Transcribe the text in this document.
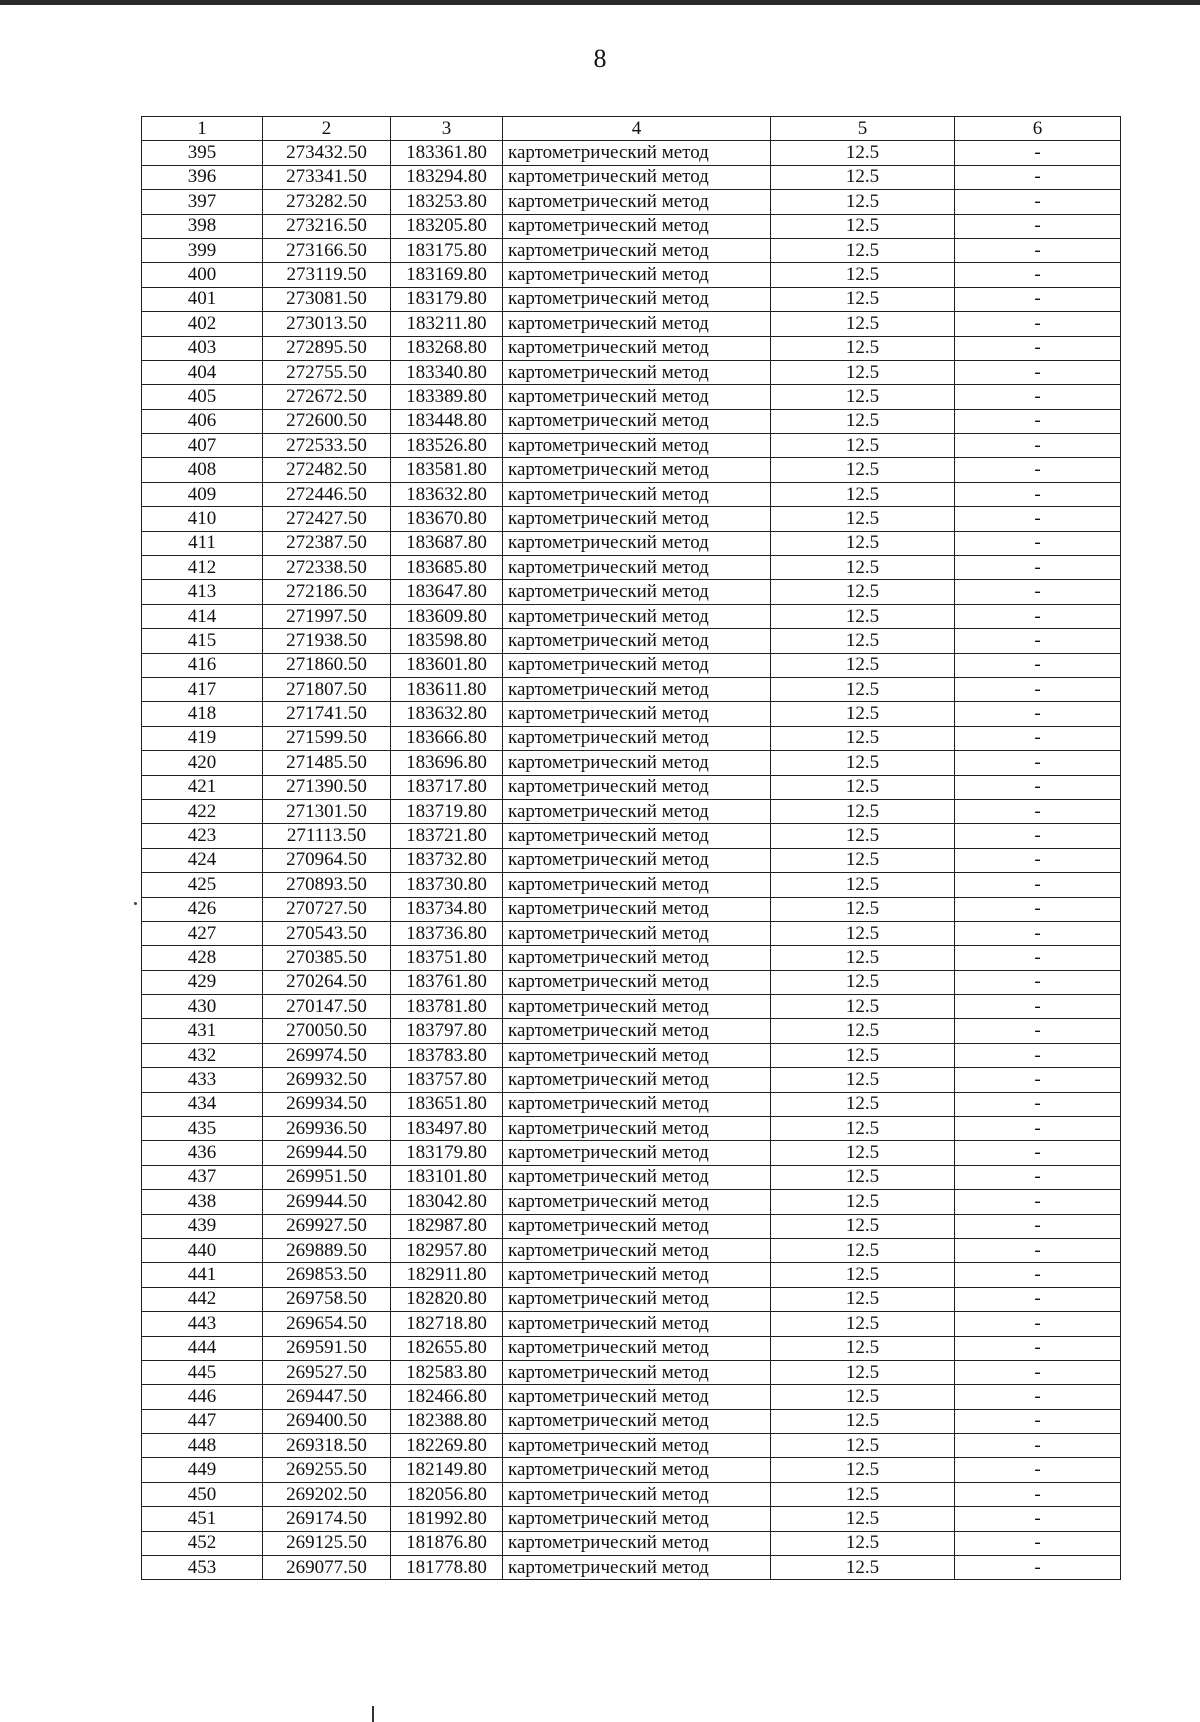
8
1	2	3	4	5	6
395	273432.50	183361.80	картометрический метод	12.5	-
396	273341.50	183294.80	картометрический метод	12.5	-
397	273282.50	183253.80	картометрический метод	12.5	-
398	273216.50	183205.80	картометрический метод	12.5	-
399	273166.50	183175.80	картометрический метод	12.5	-
400	273119.50	183169.80	картометрический метод	12.5	-
401	273081.50	183179.80	картометрический метод	12.5	-
402	273013.50	183211.80	картометрический метод	12.5	-
403	272895.50	183268.80	картометрический метод	12.5	-
404	272755.50	183340.80	картометрический метод	12.5	-
405	272672.50	183389.80	картометрический метод	12.5	-
406	272600.50	183448.80	картометрический метод	12.5	-
407	272533.50	183526.80	картометрический метод	12.5	-
408	272482.50	183581.80	картометрический метод	12.5	-
409	272446.50	183632.80	картометрический метод	12.5	-
410	272427.50	183670.80	картометрический метод	12.5	-
411	272387.50	183687.80	картометрический метод	12.5	-
412	272338.50	183685.80	картометрический метод	12.5	-
413	272186.50	183647.80	картометрический метод	12.5	-
414	271997.50	183609.80	картометрический метод	12.5	-
415	271938.50	183598.80	картометрический метод	12.5	-
416	271860.50	183601.80	картометрический метод	12.5	-
417	271807.50	183611.80	картометрический метод	12.5	-
418	271741.50	183632.80	картометрический метод	12.5	-
419	271599.50	183666.80	картометрический метод	12.5	-
420	271485.50	183696.80	картометрический метод	12.5	-
421	271390.50	183717.80	картометрический метод	12.5	-
422	271301.50	183719.80	картометрический метод	12.5	-
423	271113.50	183721.80	картометрический метод	12.5	-
424	270964.50	183732.80	картометрический метод	12.5	-
425	270893.50	183730.80	картометрический метод	12.5	-
426	270727.50	183734.80	картометрический метод	12.5	-
427	270543.50	183736.80	картометрический метод	12.5	-
428	270385.50	183751.80	картометрический метод	12.5	-
429	270264.50	183761.80	картометрический метод	12.5	-
430	270147.50	183781.80	картометрический метод	12.5	-
431	270050.50	183797.80	картометрический метод	12.5	-
432	269974.50	183783.80	картометрический метод	12.5	-
433	269932.50	183757.80	картометрический метод	12.5	-
434	269934.50	183651.80	картометрический метод	12.5	-
435	269936.50	183497.80	картометрический метод	12.5	-
436	269944.50	183179.80	картометрический метод	12.5	-
437	269951.50	183101.80	картометрический метод	12.5	-
438	269944.50	183042.80	картометрический метод	12.5	-
439	269927.50	182987.80	картометрический метод	12.5	-
440	269889.50	182957.80	картометрический метод	12.5	-
441	269853.50	182911.80	картометрический метод	12.5	-
442	269758.50	182820.80	картометрический метод	12.5	-
443	269654.50	182718.80	картометрический метод	12.5	-
444	269591.50	182655.80	картометрический метод	12.5	-
445	269527.50	182583.80	картометрический метод	12.5	-
446	269447.50	182466.80	картометрический метод	12.5	-
447	269400.50	182388.80	картометрический метод	12.5	-
448	269318.50	182269.80	картометрический метод	12.5	-
449	269255.50	182149.80	картометрический метод	12.5	-
450	269202.50	182056.80	картометрический метод	12.5	-
451	269174.50	181992.80	картометрический метод	12.5	-
452	269125.50	181876.80	картометрический метод	12.5	-
453	269077.50	181778.80	картометрический метод	12.5	-
